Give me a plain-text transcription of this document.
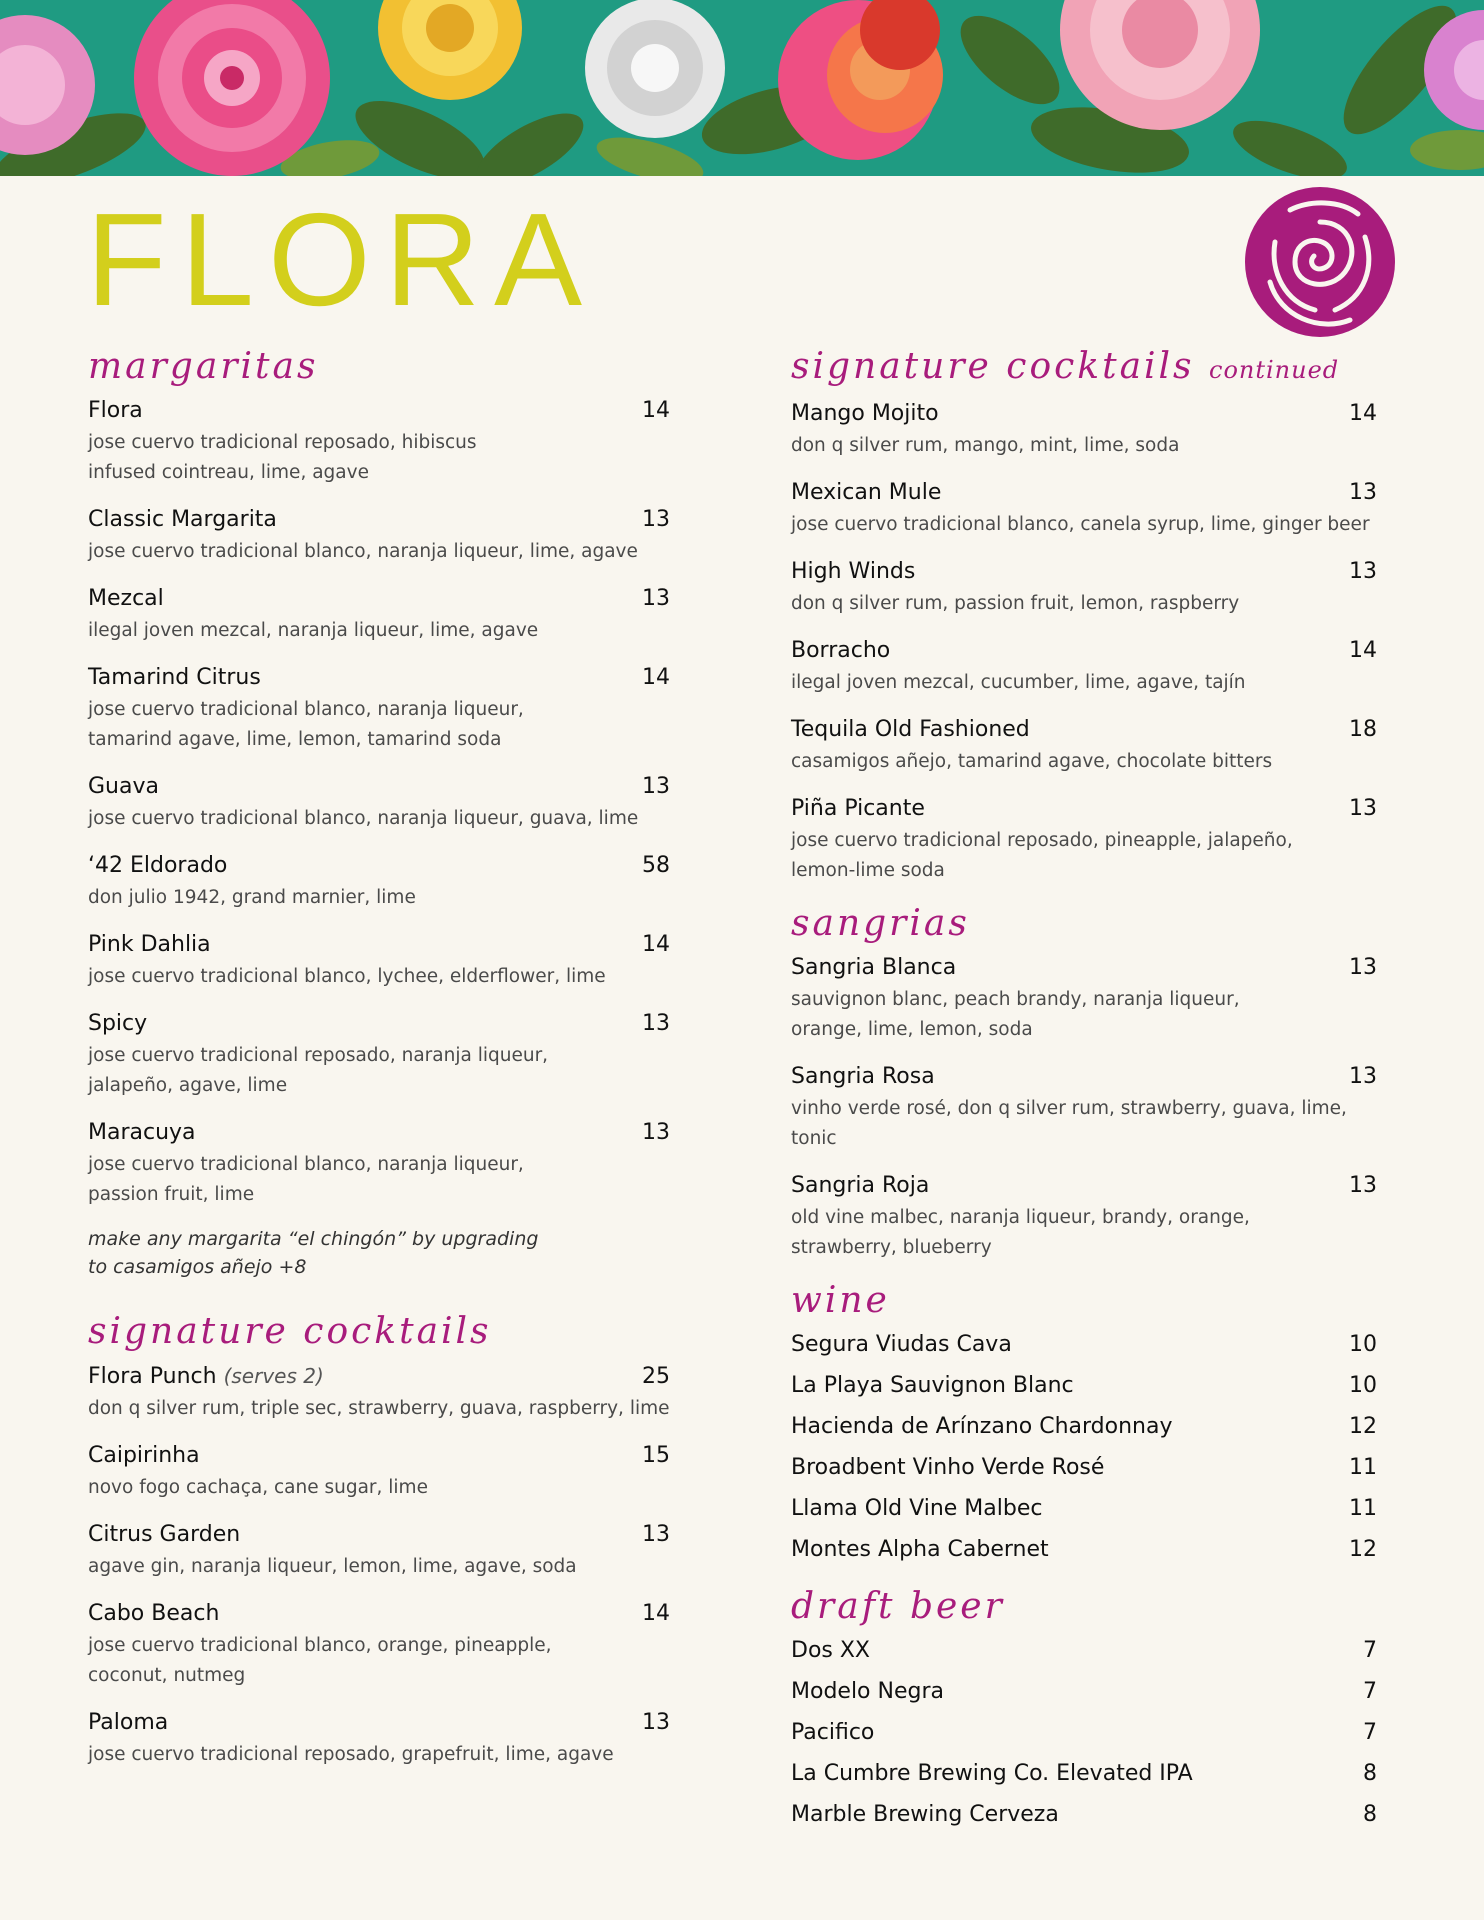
FLORA
margaritas
Flora	14
jose cuervo tradicional reposado, hibiscus
infused cointreau, lime, agave
Classic Margarita	13
jose cuervo tradicional blanco, naranja liqueur, lime, agave
Mezcal	13
ilegal joven mezcal, naranja liqueur, lime, agave
Tamarind Citrus	14
jose cuervo tradicional blanco, naranja liqueur,
tamarind agave, lime, lemon, tamarind soda
Guava	13
jose cuervo tradicional blanco, naranja liqueur, guava, lime
‘42 Eldorado	58
don julio 1942, grand marnier, lime
Pink Dahlia	14
jose cuervo tradicional blanco, lychee, elderflower, lime
Spicy	13
jose cuervo tradicional reposado, naranja liqueur,
jalapeño, agave, lime
Maracuya	13
jose cuervo tradicional blanco, naranja liqueur,
passion fruit, lime
make any margarita “el chingón” by upgrading
to casamigos añejo +8
signature cocktails
Flora Punch (serves 2)	25
don q silver rum, triple sec, strawberry, guava, raspberry, lime
Caipirinha	15
novo fogo cachaça, cane sugar, lime
Citrus Garden	13
agave gin, naranja liqueur, lemon, lime, agave, soda
Cabo Beach	14
jose cuervo tradicional blanco, orange, pineapple,
coconut, nutmeg
Paloma	13
jose cuervo tradicional reposado, grapefruit, lime, agave
signature cocktails continued
Mango Mojito	14
don q silver rum, mango, mint, lime, soda
Mexican Mule	13
jose cuervo tradicional blanco, canela syrup, lime, ginger beer
High Winds	13
don q silver rum, passion fruit, lemon, raspberry
Borracho	14
ilegal joven mezcal, cucumber, lime, agave, tajín
Tequila Old Fashioned	18
casamigos añejo, tamarind agave, chocolate bitters
Piña Picante	13
jose cuervo tradicional reposado, pineapple, jalapeño,
lemon-lime soda
sangrias
Sangria Blanca	13
sauvignon blanc, peach brandy, naranja liqueur,
orange, lime, lemon, soda
Sangria Rosa	13
vinho verde rosé, don q silver rum, strawberry, guava, lime, tonic
Sangria Roja	13
old vine malbec, naranja liqueur, brandy, orange,
strawberry, blueberry
wine
Segura Viudas Cava	10
La Playa Sauvignon Blanc	10
Hacienda de Arínzano Chardonnay	12
Broadbent Vinho Verde Rosé	11
Llama Old Vine Malbec	11
Montes Alpha Cabernet	12
draft beer
Dos XX	7
Modelo Negra	7
Pacifico	7
La Cumbre Brewing Co. Elevated IPA	8
Marble Brewing Cerveza	8
